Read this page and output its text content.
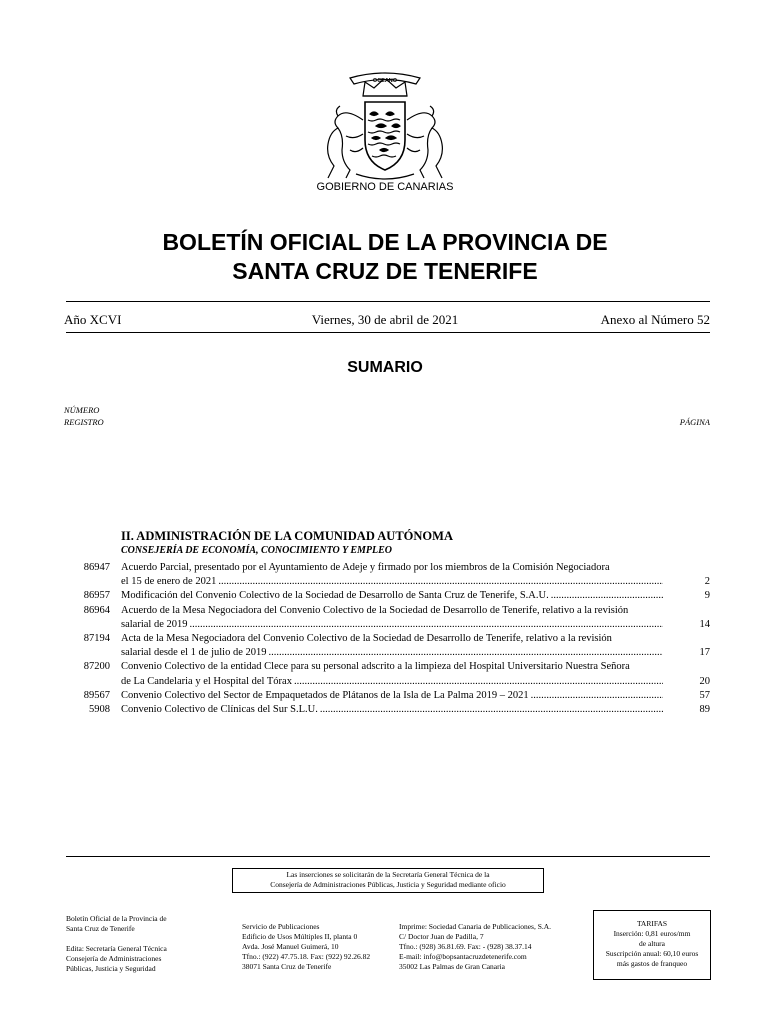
OCEANO
GOBIERNO DE CANARIAS
BOLETÍN OFICIAL DE LA PROVINCIA DE
SANTA CRUZ DE TENERIFE
Año XCVI	Viernes, 30 de abril de 2021	Anexo al Número 52
SUMARIO
NÚMERO
REGISTRO	PÁGINA
II. ADMINISTRACIÓN DE LA COMUNIDAD AUTÓNOMA
CONSEJERÍA DE ECONOMÍA, CONOCIMIENTO Y EMPLEO
86947 Acuerdo Parcial, presentado por el Ayuntamiento de Adeje y firmado por los miembros de la Comisión Negociadora
el 15 de enero de 2021 .....	2
86957 Modificación del Convenio Colectivo de la Sociedad de Desarrollo de Santa Cruz de Tenerife, S.A.U. .....	9
86964 Acuerdo de la Mesa Negociadora del Convenio Colectivo de la Sociedad de Desarrollo de Tenerife, relativo a la revisión
salarial de 2019 .....	14
87194 Acta de la Mesa Negociadora del Convenio Colectivo de la Sociedad de Desarrollo de Tenerife, relativo a la revisión
salarial desde el 1 de julio de 2019 .....	17
87200 Convenio Colectivo de la entidad Clece para su personal adscrito a la limpieza del Hospital Universitario Nuestra Señora
de La Candelaria y el Hospital del Tórax .....	20
89567 Convenio Colectivo del Sector de Empaquetados de Plátanos de la Isla de La Palma 2019 – 2021 .....	57
5908 Convenio Colectivo de Clínicas del Sur S.L.U. .....	89
Las inserciones se solicitarán de la Secretaría General Técnica de la
Consejería de Administraciones Públicas, Justicia y Seguridad mediante oficio
Boletín Oficial de la Provincia de
Santa Cruz de Tenerife

Edita: Secretaría General Técnica
Consejería de Administraciones
Públicas, Justicia y Seguridad
Servicio de Publicaciones
Edificio de Usos Múltiples II, planta 0
Avda. José Manuel Guimerá, 10
Tfno.: (922) 47.75.18. Fax: (922) 92.26.82
38071 Santa Cruz de Tenerife
Imprime: Sociedad Canaria de Publicaciones, S.A.
C/ Doctor Juan de Padilla, 7
Tfno.: (928) 36.81.69. Fax: - (928) 38.37.14
E-mail: info@bopsantacruzdetenerife.com
35002 Las Palmas de Gran Canaria
TARIFAS
Inserción: 0,81 euros/mm
de altura
Suscripción anual: 60,10 euros
más gastos de franqueo
